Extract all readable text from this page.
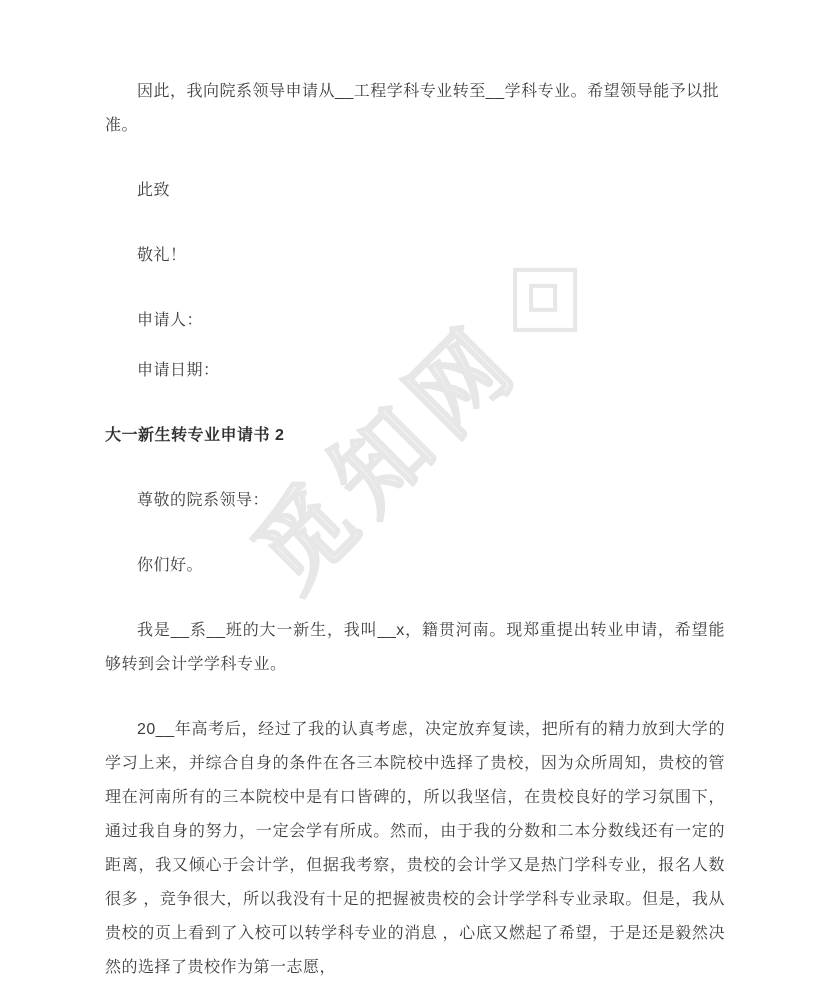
觅知网

因此，我向院系领导申请从__工程学科专业转至__学科专业。希望领导能予以批准。

此致

敬礼！

申请人：

申请日期：

大一新生转专业申请书 2

尊敬的院系领导：

你们好。

我是__系__班的大一新生，我叫__x，籍贯河南。现郑重提出转业申请，希望能够转到会计学学科专业。

20__年高考后，经过了我的认真考虑，决定放弃复读，把所有的精力放到大学的学习上来，并综合自身的条件在各三本院校中选择了贵校，因为众所周知，贵校的管理在河南所有的三本院校中是有口皆碑的，所以我坚信，在贵校良好的学习氛围下，通过我自身的努力，一定会学有所成。然而，由于我的分数和二本分数线还有一定的距离，我又倾心于会计学，但据我考察，贵校的会计学又是热门学科专业，报名人数很多 ，竞争很大，所以我没有十足的把握被贵校的会计学学科专业录取。但是，我从贵校的页上看到了入校可以转学科专业的消息 ，心底又燃起了希望，于是还是毅然决然的选择了贵校作为第一志愿，
